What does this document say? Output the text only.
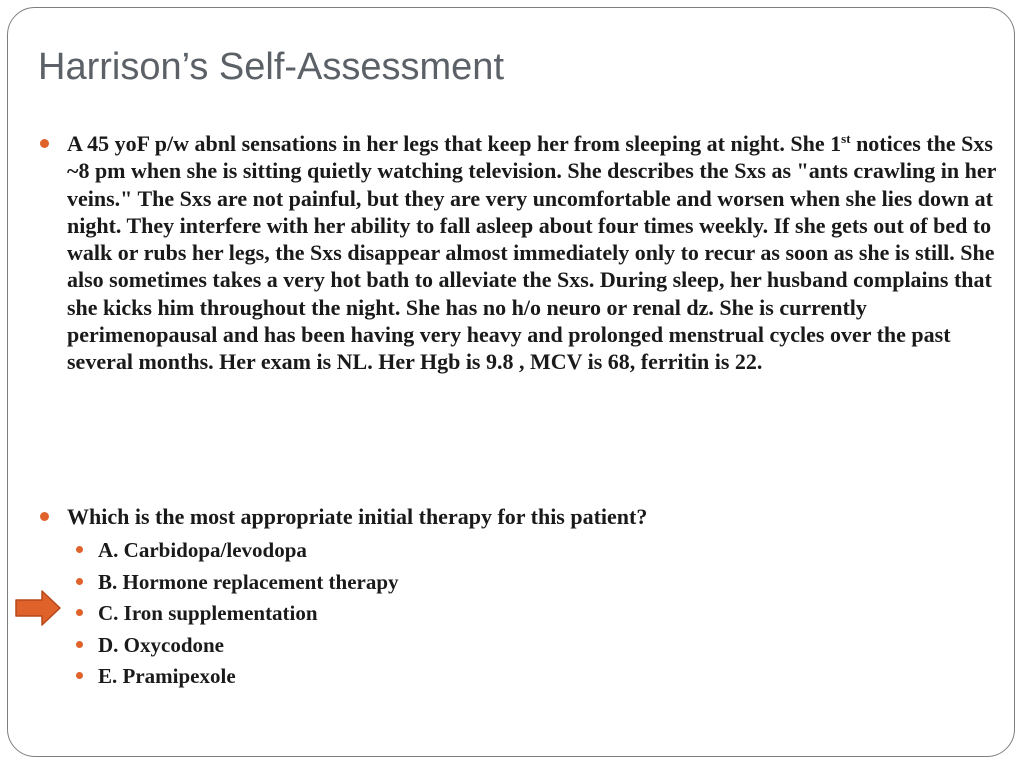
Harrison’s Self-Assessment
A 45 yoF p/w abnl sensations in her legs that keep her from sleeping at night. She 1st notices the Sxs ~8 pm when she is sitting quietly watching television. She describes the Sxs as "ants crawling in her veins." The Sxs are not painful, but they are very uncomfortable and worsen when she lies down at night. They interfere with her ability to fall asleep about four times weekly. If she gets out of bed to walk or rubs her legs, the Sxs disappear almost immediately only to recur as soon as she is still. She also sometimes takes a very hot bath to alleviate the Sxs. During sleep, her husband complains that she kicks him throughout the night. She has no h/o neuro or renal dz. She is currently perimenopausal and has been having very heavy and prolonged menstrual cycles over the past several months. Her exam is NL. Her Hgb is 9.8 , MCV is 68, ferritin is 22.
Which is the most appropriate initial therapy for this patient?
A. Carbidopa/levodopa
B. Hormone replacement therapy
C. Iron supplementation
D. Oxycodone
E. Pramipexole
